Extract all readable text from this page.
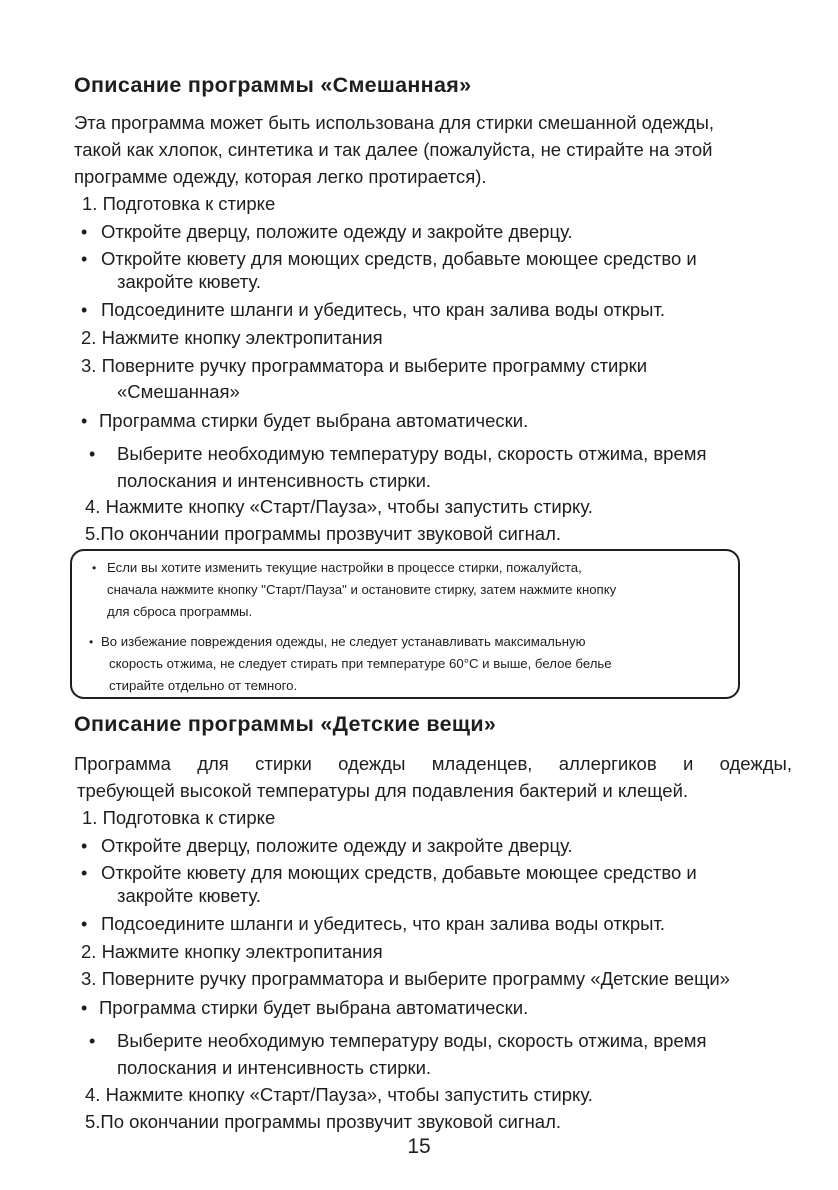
Описание программы «Смешанная»

Эта программа может быть использована для стирки смешанной одежды,

такой как хлопок, синтетика и так далее (пожалуйста, не стирайте на этой

программе одежду, которая легко протирается).

1. Подготовка к стирке

• Откройте дверцу, положите одежду и закройте дверцу.

• Откройте кювету для моющих средств, добавьте моющее средство и

закройте кювету.

• Подсоедините шланги и убедитесь, что кран залива воды открыт.

2. Нажмите кнопку электропитания

3. Поверните ручку программатора и выберите программу стирки

«Смешанная»

• Программа стирки будет выбрана автоматически.

• Выберите необходимую температуру воды, скорость отжима, время

полоскания и интенсивность стирки.

4. Нажмите кнопку «Старт/Пауза», чтобы запустить стирку.

5.По окончании программы прозвучит звуковой сигнал.

• Если вы хотите изменить текущие настройки в процессе стирки, пожалуйста,

сначала нажмите кнопку "Старт/Пауза" и остановите стирку, затем нажмите кнопку

для сброса программы.

• Во избежание повреждения одежды, не следует устанавливать максимальную

скорость отжима, не следует стирать при температуре 60°С и выше, белое белье

стирайте отдельно от темного.

Описание программы «Детские вещи»
Программа для стирки одежды младенцев, аллергиков и одежды,

требующей высокой температуры для подавления бактерий и клещей.

1. Подготовка к стирке

• Откройте дверцу, положите одежду и закройте дверцу.

• Откройте кювету для моющих средств, добавьте моющее средство и

закройте кювету.

• Подсоедините шланги и убедитесь, что кран залива воды открыт.

2. Нажмите кнопку электропитания

3. Поверните ручку программатора и выберите программу «Детские вещи»

• Программа стирки будет выбрана автоматически.

• Выберите необходимую температуру воды, скорость отжима, время

полоскания и интенсивность стирки.

4. Нажмите кнопку «Старт/Пауза», чтобы запустить стирку.

5.По окончании программы прозвучит звуковой сигнал.

15
